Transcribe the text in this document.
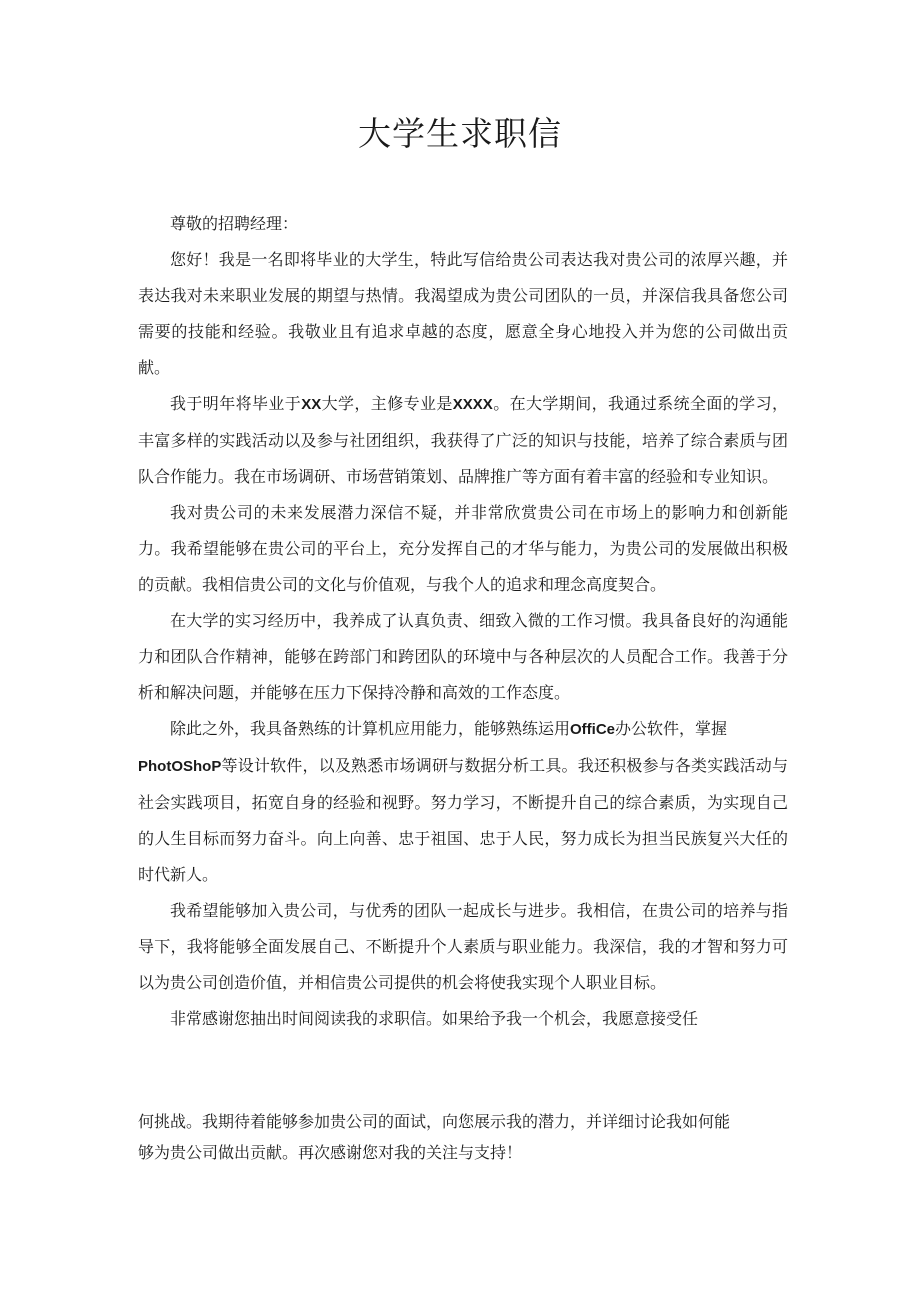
大学生求职信

尊敬的招聘经理：

您好！我是一名即将毕业的大学生，特此写信给贵公司表达我对贵公司的浓厚兴趣，并表达我对未来职业发展的期望与热情。我渴望成为贵公司团队的一员，并深信我具备您公司需要的技能和经验。我敬业且有追求卓越的态度，愿意全身心地投入并为您的公司做出贡献。

我于明年将毕业于XX大学，主修专业是XXXX。在大学期间，我通过系统全面的学习，丰富多样的实践活动以及参与社团组织，我获得了广泛的知识与技能，培养了综合素质与团队合作能力。我在市场调研、市场营销策划、品牌推广等方面有着丰富的经验和专业知识。

我对贵公司的未来发展潜力深信不疑，并非常欣赏贵公司在市场上的影响力和创新能力。我希望能够在贵公司的平台上，充分发挥自己的才华与能力，为贵公司的发展做出积极的贡献。我相信贵公司的文化与价值观，与我个人的追求和理念高度契合。

在大学的实习经历中，我养成了认真负责、细致入微的工作习惯。我具备良好的沟通能力和团队合作精神，能够在跨部门和跨团队的环境中与各种层次的人员配合工作。我善于分析和解决问题，并能够在压力下保持冷静和高效的工作态度。

除此之外，我具备熟练的计算机应用能力，能够熟练运用OffiCe办公软件，掌握
PhotOShoP等设计软件，以及熟悉市场调研与数据分析工具。我还积极参与各类实践活动与社会实践项目，拓宽自身的经验和视野。努力学习，不断提升自己的综合素质，为实现自己的人生目标而努力奋斗。向上向善、忠于祖国、忠于人民，努力成长为担当民族复兴大任的时代新人。

我希望能够加入贵公司，与优秀的团队一起成长与进步。我相信，在贵公司的培养与指导下，我将能够全面发展自己、不断提升个人素质与职业能力。我深信，我的才智和努力可以为贵公司创造价值，并相信贵公司提供的机会将使我实现个人职业目标。

非常感谢您抽出时间阅读我的求职信。如果给予我一个机会，我愿意接受任

何挑战。我期待着能够参加贵公司的面试，向您展示我的潜力，并详细讨论我如何能
够为贵公司做出贡献。再次感谢您对我的关注与支持！
